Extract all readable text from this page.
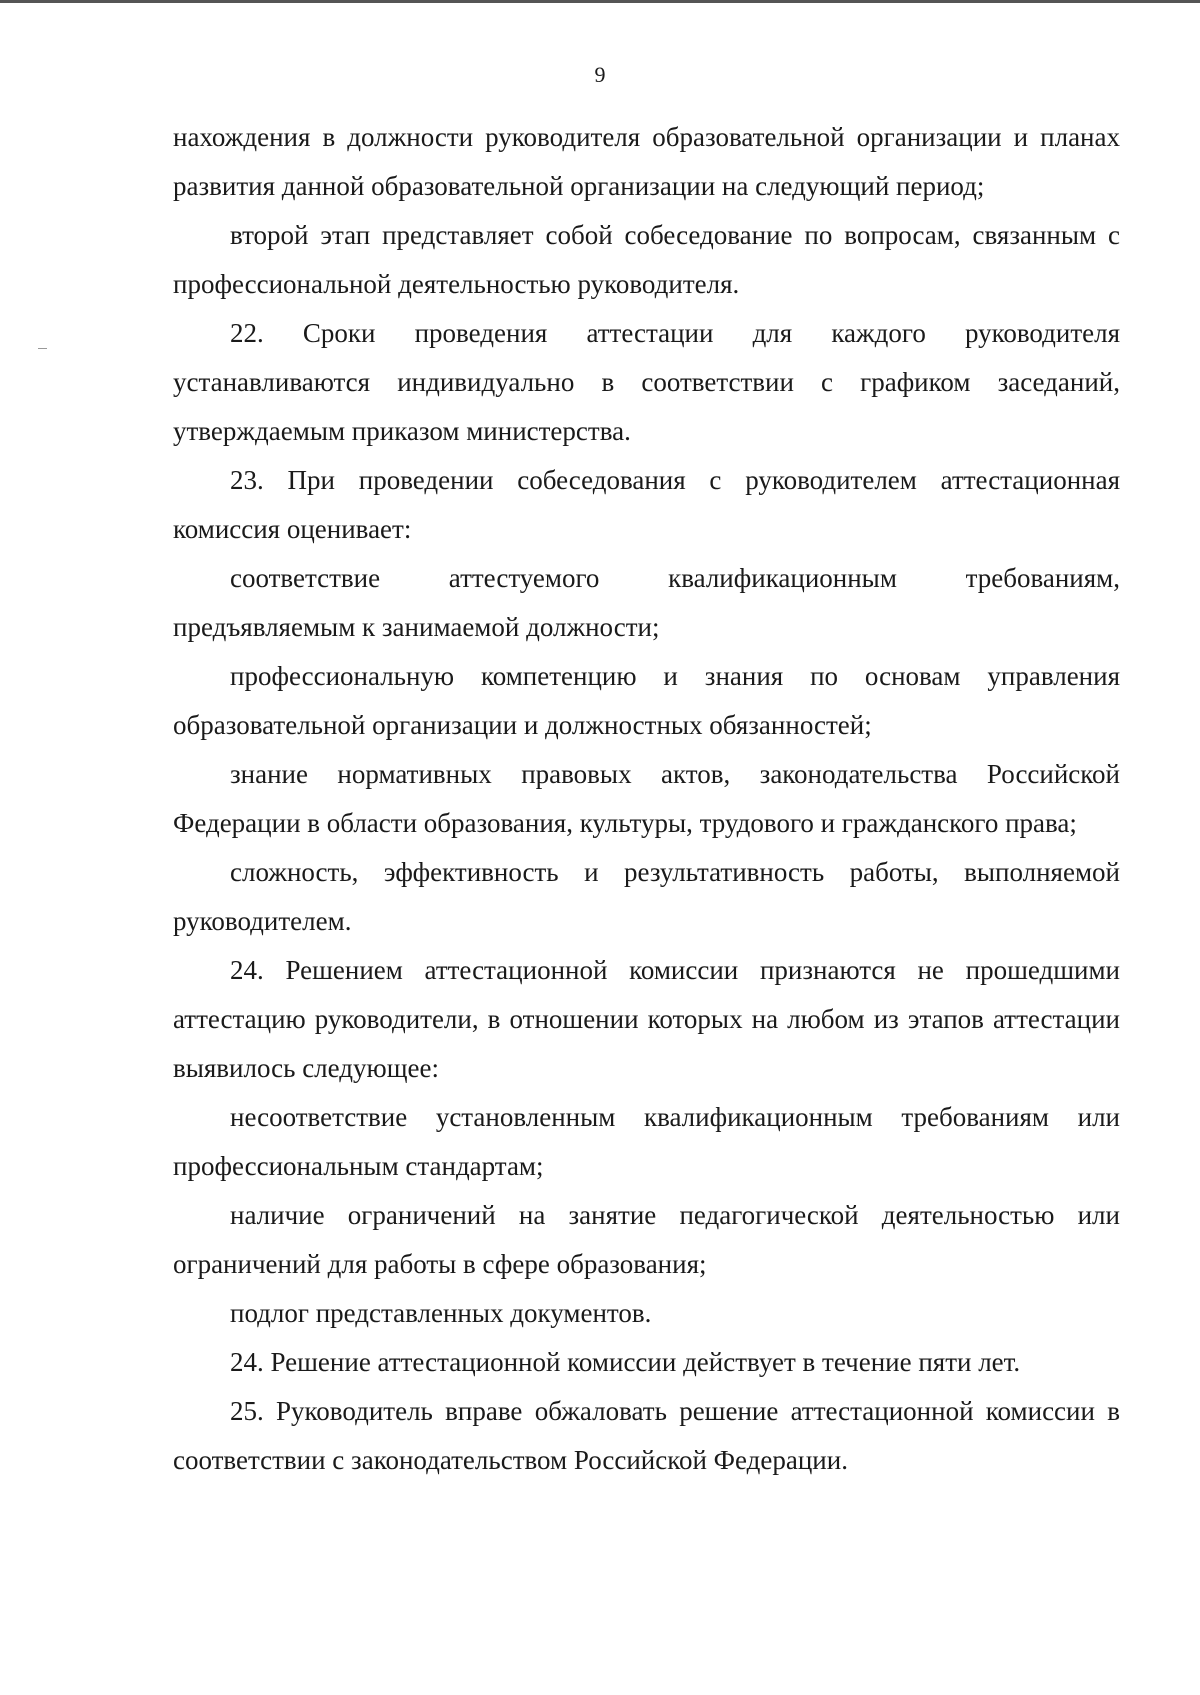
9

нахождения в должности руководителя образовательной организации и планах развития данной образовательной организации на следующий период;

второй этап представляет собой собеседование по вопросам, связанным с профессиональной деятельностью руководителя.

22. Сроки проведения аттестации для каждого руководителя устанавливаются индивидуально в соответствии с графиком заседаний, утверждаемым приказом министерства.

23. При проведении собеседования с руководителем аттестационная комиссия оценивает:

соответствие аттестуемого квалификационным требованиям, предъявляемым к занимаемой должности;

профессиональную компетенцию и знания по основам управления образовательной организации и должностных обязанностей;

знание нормативных правовых актов, законодательства Российской Федерации в области образования, культуры, трудового и гражданского права;

сложность, эффективность и результативность работы, выполняемой руководителем.

24. Решением аттестационной комиссии признаются не прошедшими аттестацию руководители, в отношении которых на любом из этапов аттестации выявилось следующее:

несоответствие установленным квалификационным требованиям или профессиональным стандартам;

наличие ограничений на занятие педагогической деятельностью или ограничений для работы в сфере образования;

подлог представленных документов.

24. Решение аттестационной комиссии действует в течение пяти лет.

25. Руководитель вправе обжаловать решение аттестационной комиссии в соответствии с законодательством Российской Федерации.
